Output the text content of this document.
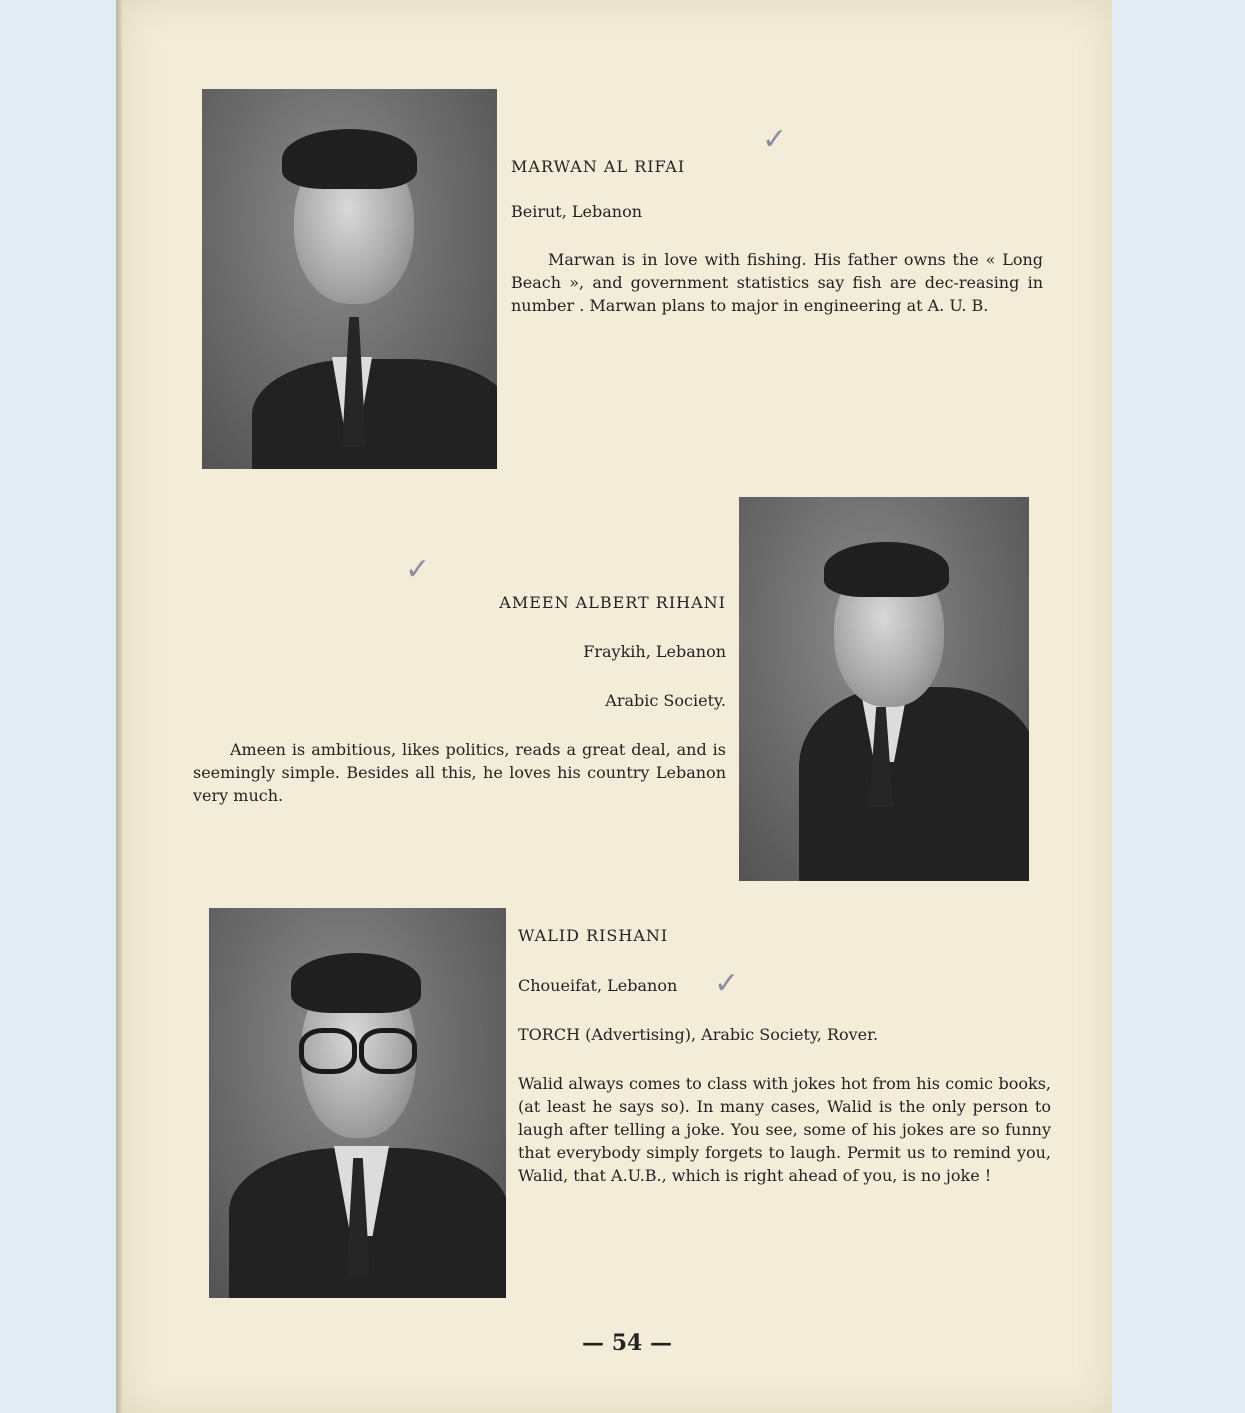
MARWAN AL RIFAI
Beirut, Lebanon
Marwan is in love with fishing. His father owns the « Long Beach », and government statistics say fish are dec-reasing in number . Marwan plans to major in engineering at A. U. B.
✓
AMEEN ALBERT RIHANI
Fraykih, Lebanon
Arabic Society.
Ameen is ambitious, likes politics, reads a great deal, and is seemingly simple. Besides all this, he loves his country Lebanon very much.
✓
WALID RISHANI
Choueifat, Lebanon
TORCH (Advertising), Arabic Society, Rover.
Walid always comes to class with jokes hot from his comic books, (at least he says so). In many cases, Walid is the only person to laugh after telling a joke. You see, some of his jokes are so funny that everybody simply forgets to laugh. Permit us to remind you, Walid, that A.U.B., which is right ahead of you, is no joke !
✓
— 54 —
